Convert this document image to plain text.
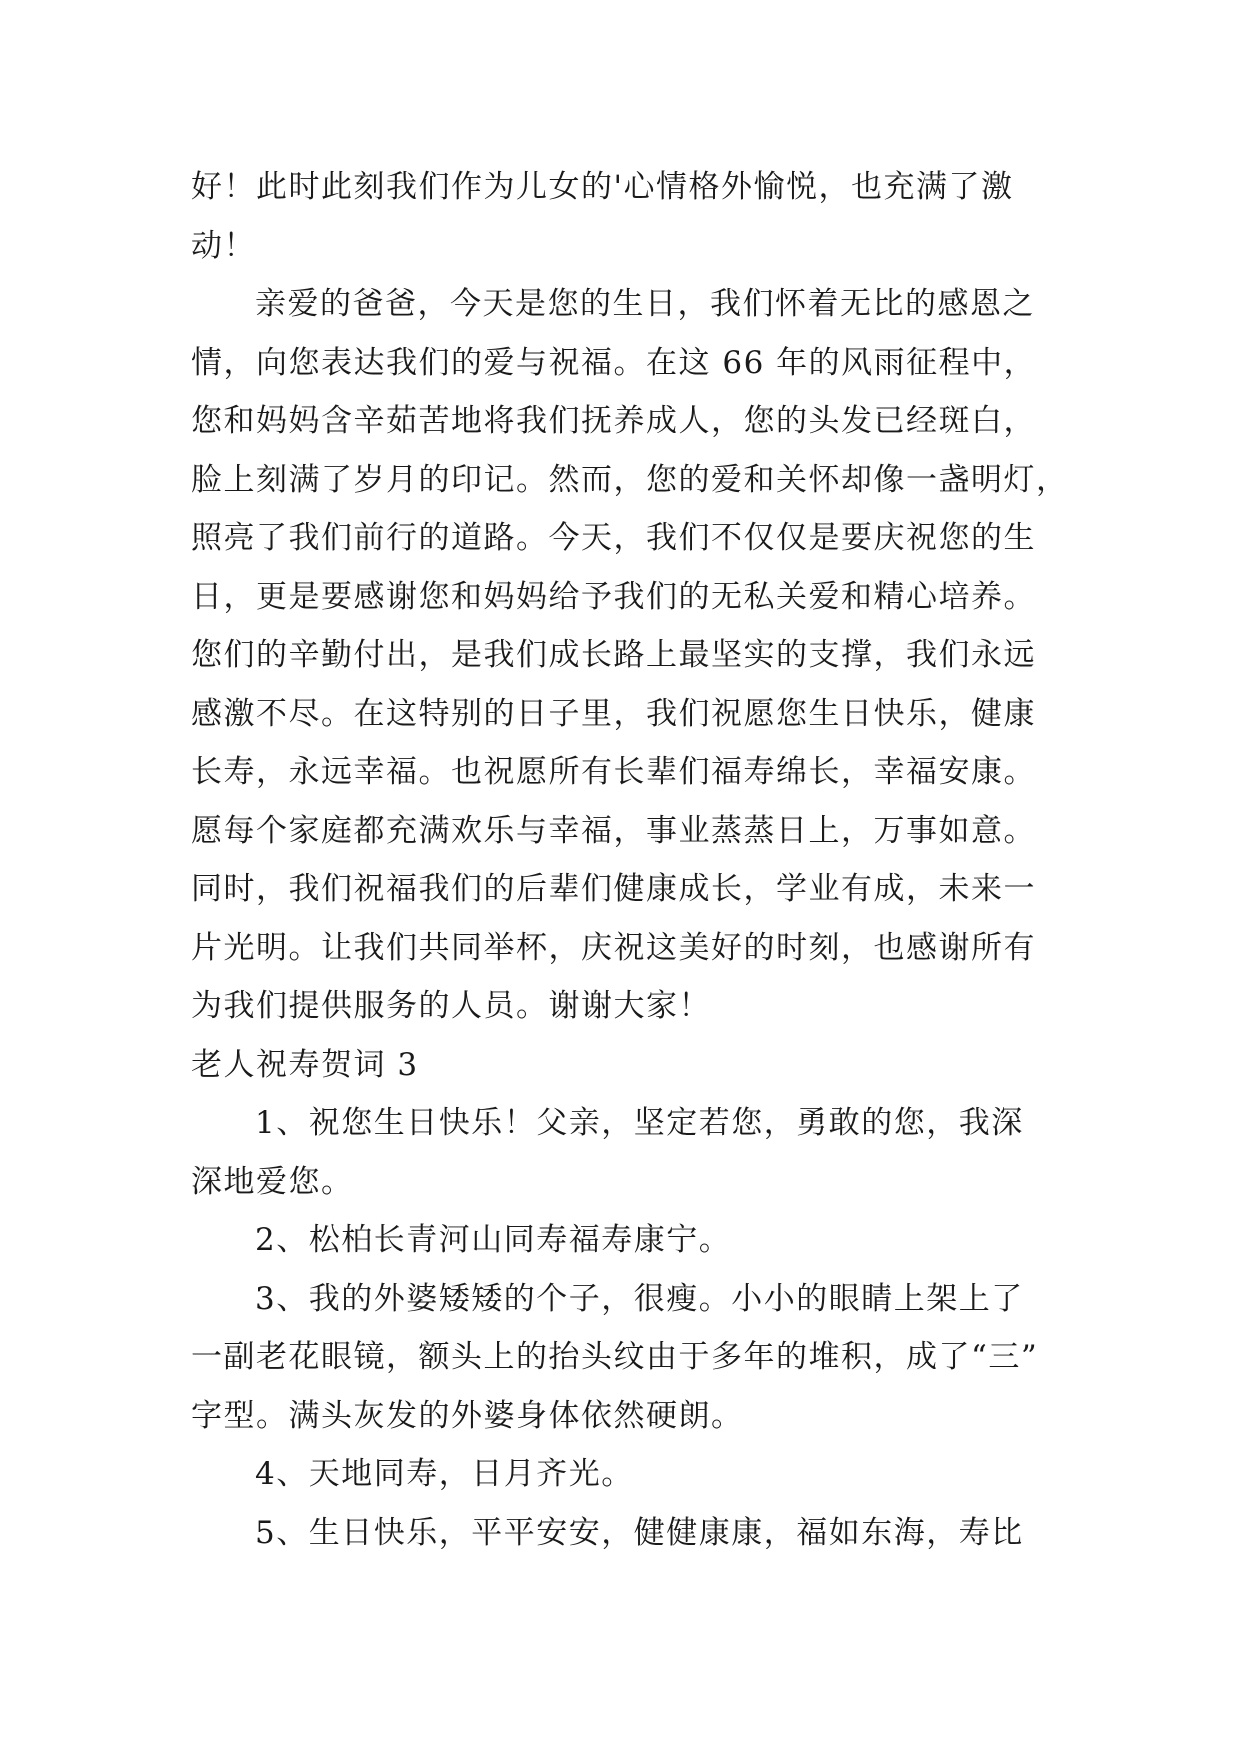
好！此时此刻我们作为儿女的'心情格外愉悦，也充满了激
动！
亲爱的爸爸，今天是您的生日，我们怀着无比的感恩之
情，向您表达我们的爱与祝福。在这 66 年的风雨征程中，
您和妈妈含辛茹苦地将我们抚养成人，您的头发已经斑白，
脸上刻满了岁月的印记。然而，您的爱和关怀却像一盏明灯，
照亮了我们前行的道路。今天，我们不仅仅是要庆祝您的生
日，更是要感谢您和妈妈给予我们的无私关爱和精心培养。
您们的辛勤付出，是我们成长路上最坚实的支撑，我们永远
感激不尽。在这特别的日子里，我们祝愿您生日快乐，健康
长寿，永远幸福。也祝愿所有长辈们福寿绵长，幸福安康。
愿每个家庭都充满欢乐与幸福，事业蒸蒸日上，万事如意。
同时，我们祝福我们的后辈们健康成长，学业有成，未来一
片光明。让我们共同举杯，庆祝这美好的时刻，也感谢所有
为我们提供服务的人员。谢谢大家！
老人祝寿贺词 3
1、祝您生日快乐！父亲，坚定若您，勇敢的您，我深
深地爱您。
2、松柏长青河山同寿福寿康宁。
3、我的外婆矮矮的个子，很瘦。小小的眼睛上架上了
一副老花眼镜，额头上的抬头纹由于多年的堆积，成了“三”
字型。满头灰发的外婆身体依然硬朗。
4、天地同寿，日月齐光。
5、生日快乐，平平安安，健健康康，福如东海，寿比
